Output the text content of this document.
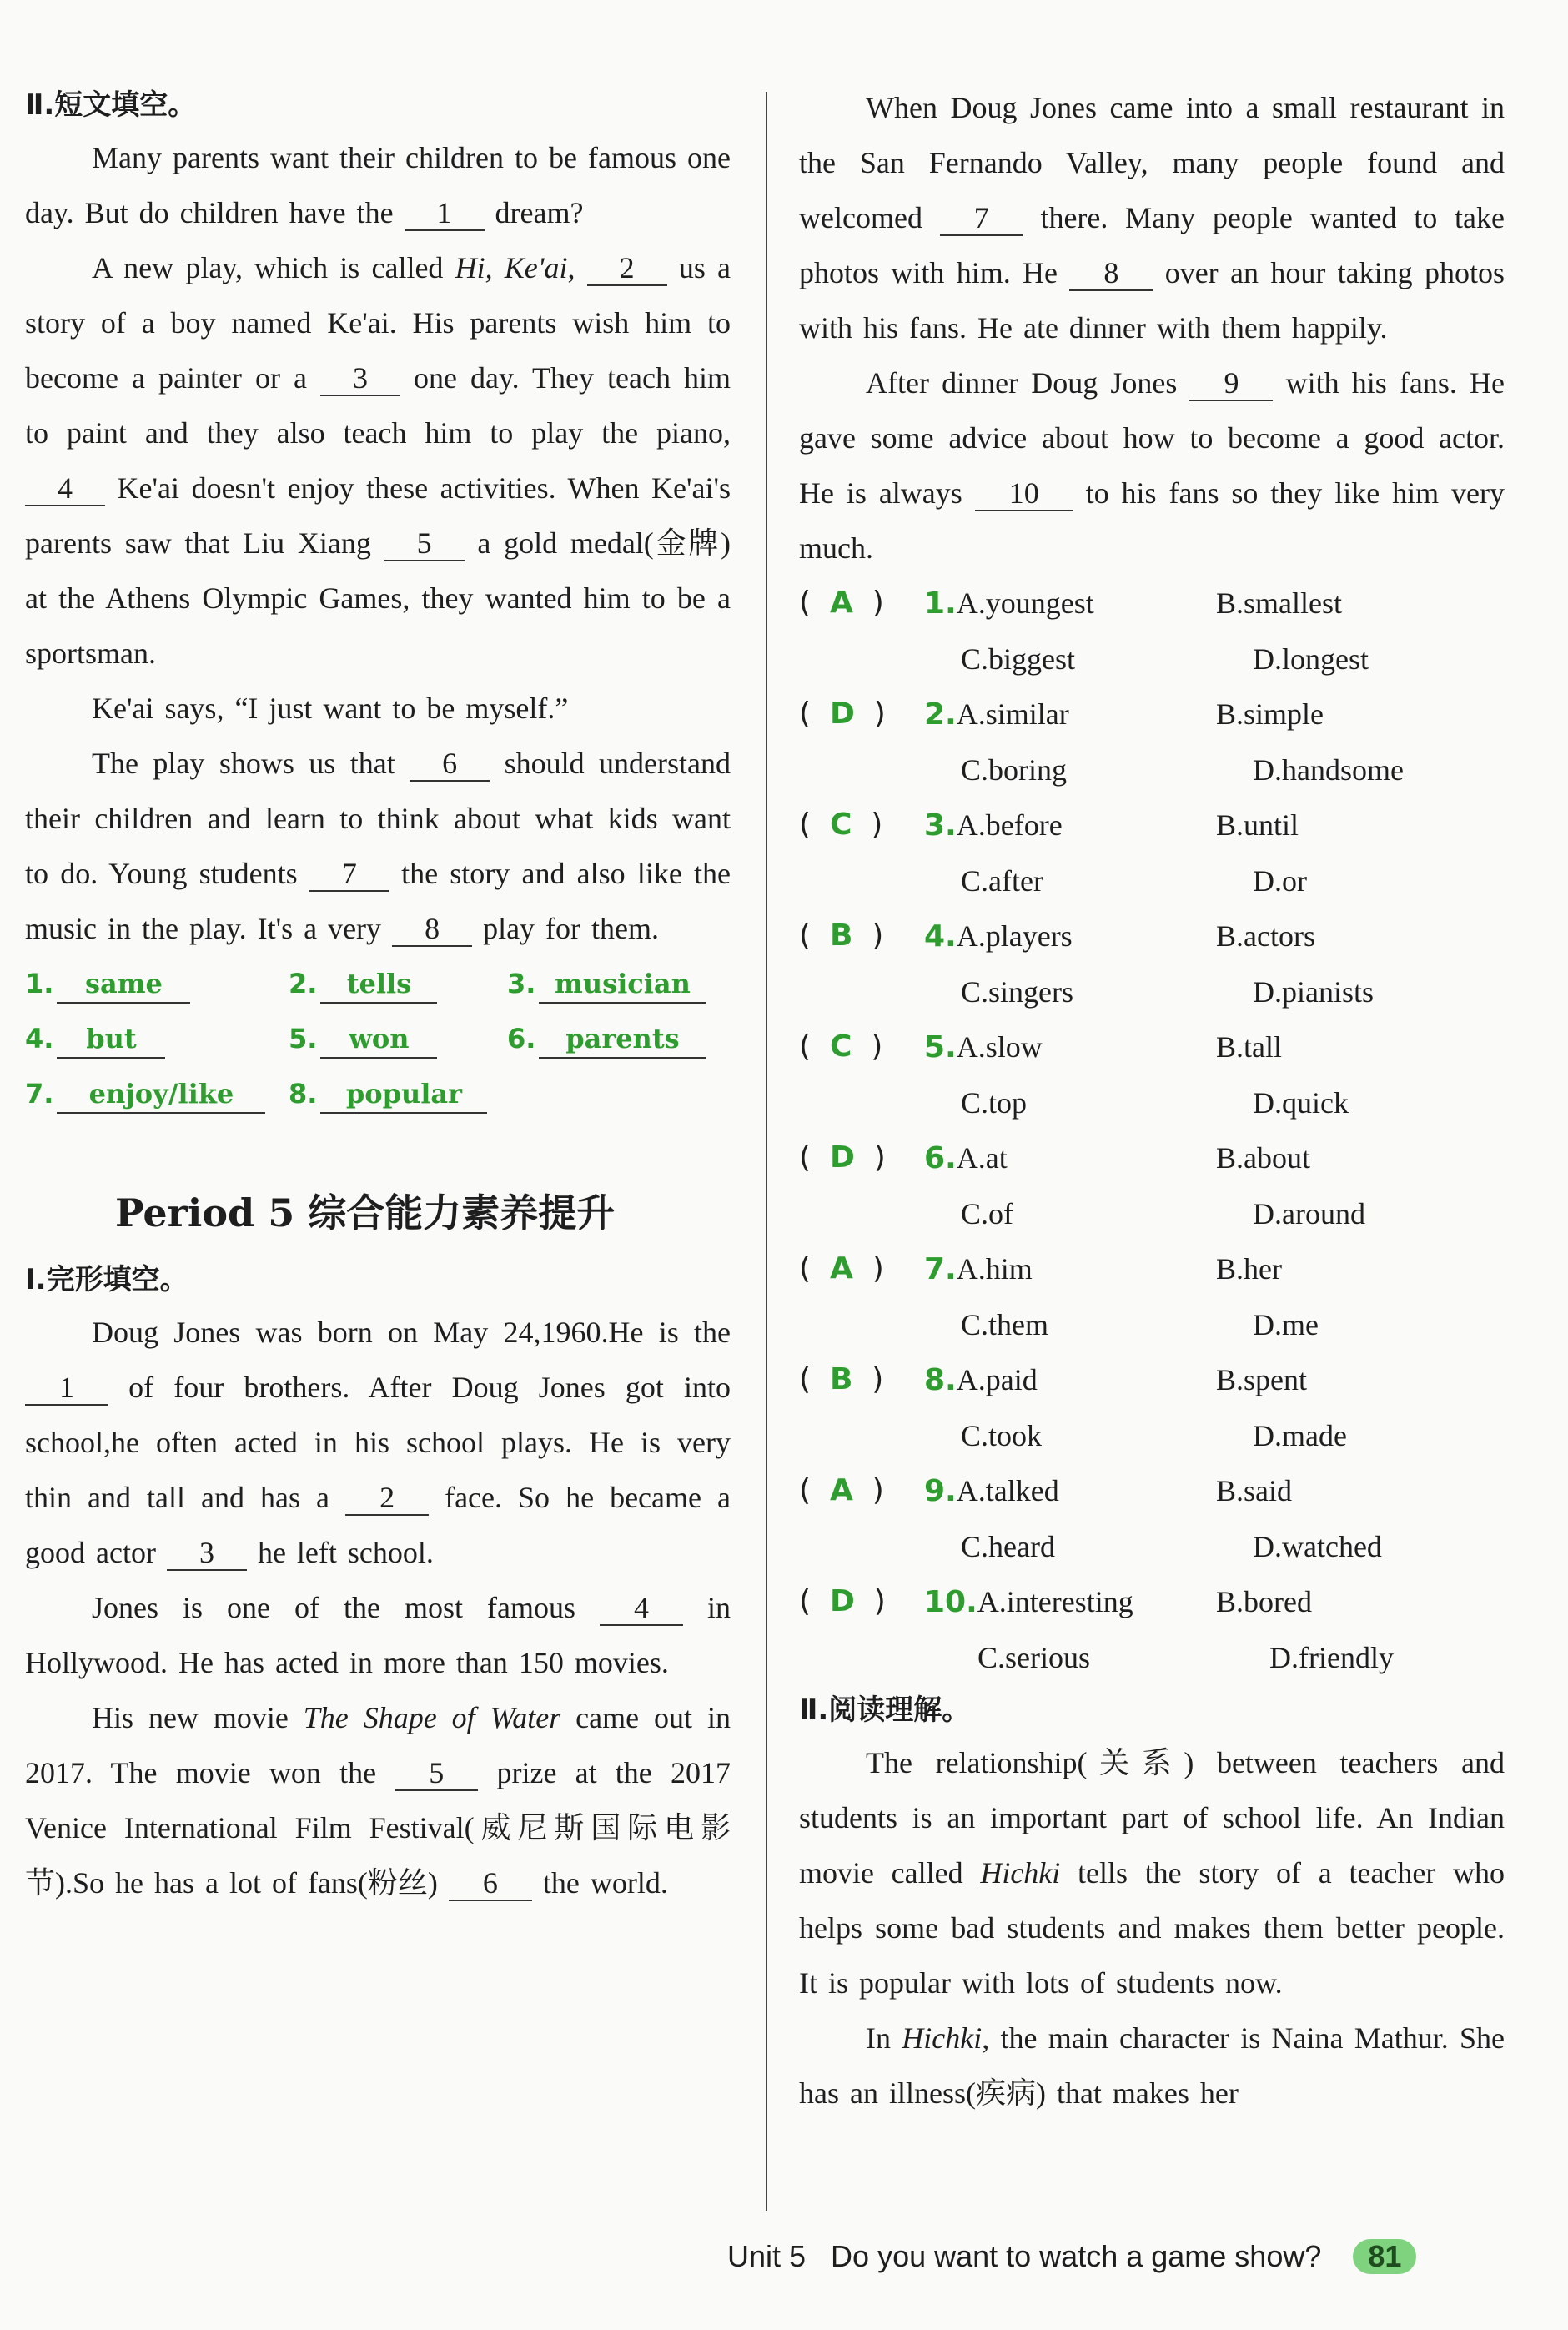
Ⅱ.短文填空。

Many parents want their children to be famous one day. But do children have the 1 dream?

A new play, which is called Hi, Ke'ai, 2 us a story of a boy named Ke'ai. His parents wish him to become a painter or a 3 one day. They teach him to paint and they also teach him to play the piano, 4 Ke'ai doesn't enjoy these activities. When Ke'ai's parents saw that Liu Xiang 5 a gold medal(金牌) at the Athens Olympic Games, they wanted him to be a sportsman.

Ke'ai says, “I just want to be myself.”

The play shows us that 6 should understand their children and learn to think about what kids want to do. Young students 7 the story and also like the music in the play. It's a very 8 play for them.

1.	same	2.	tells	3. musician
4.	but	5.	won	6.	parents
7.	enjoy/like	8.	popular
Period 5 综合能力素养提升

Ⅰ.完形填空。

Doug Jones was born on May 24,1960.He is the 1 of four brothers. After Doug Jones got into school,he often acted in his school plays. He is very thin and tall and has a 2 face. So he became a good actor 3 he left school.

Jones is one of the most famous 4 in Hollywood. He has acted in more than 150 movies.

His new movie The Shape of Water came out in 2017. The movie won the 5 prize at the 2017 Venice International Film Festival(威尼斯国际电影节).So he has a lot of fans(粉丝) 6 the world.

When Doug Jones came into a small restaurant in the San Fernando Valley, many people found and welcomed 7 there. Many people wanted to take photos with him. He 8 over an hour taking photos with his fans. He ate dinner with them happily.

After dinner Doug Jones 9 with his fans. He gave some advice about how to become a good actor. He is always 10 to his fans so they like him very much.

(  A  )	1.A.youngest	B.smallest
C.biggest	D.longest
(  D  )	2.A.similar	B.simple
C.boring	D.handsome
(  C  )	3.A.before	B.until
C.after	D.or
(  B  )	4.A.players	B.actors
C.singers	D.pianists
(  C  )	5.A.slow	B.tall
C.top	D.quick
(  D  )	6.A.at	B.about
C.of	D.around
(  A  )	7.A.him	B.her
C.them	D.me
(  B  )	8.A.paid	B.spent
C.took	D.made
(  A  )	9.A.talked	B.said
C.heard	D.watched
(  D  )	10.A.interesting	B.bored
C.serious	D.friendly

Ⅱ.阅读理解。

The relationship(关系) between teachers and students is an important part of school life. An Indian movie called Hichki tells the story of a teacher who helps some bad students and makes them better people. It is popular with lots of students now.

In Hichki, the main character is Naina Mathur. She has an illness(疾病) that makes her

Unit 5   Do you want to watch a game show? 81
